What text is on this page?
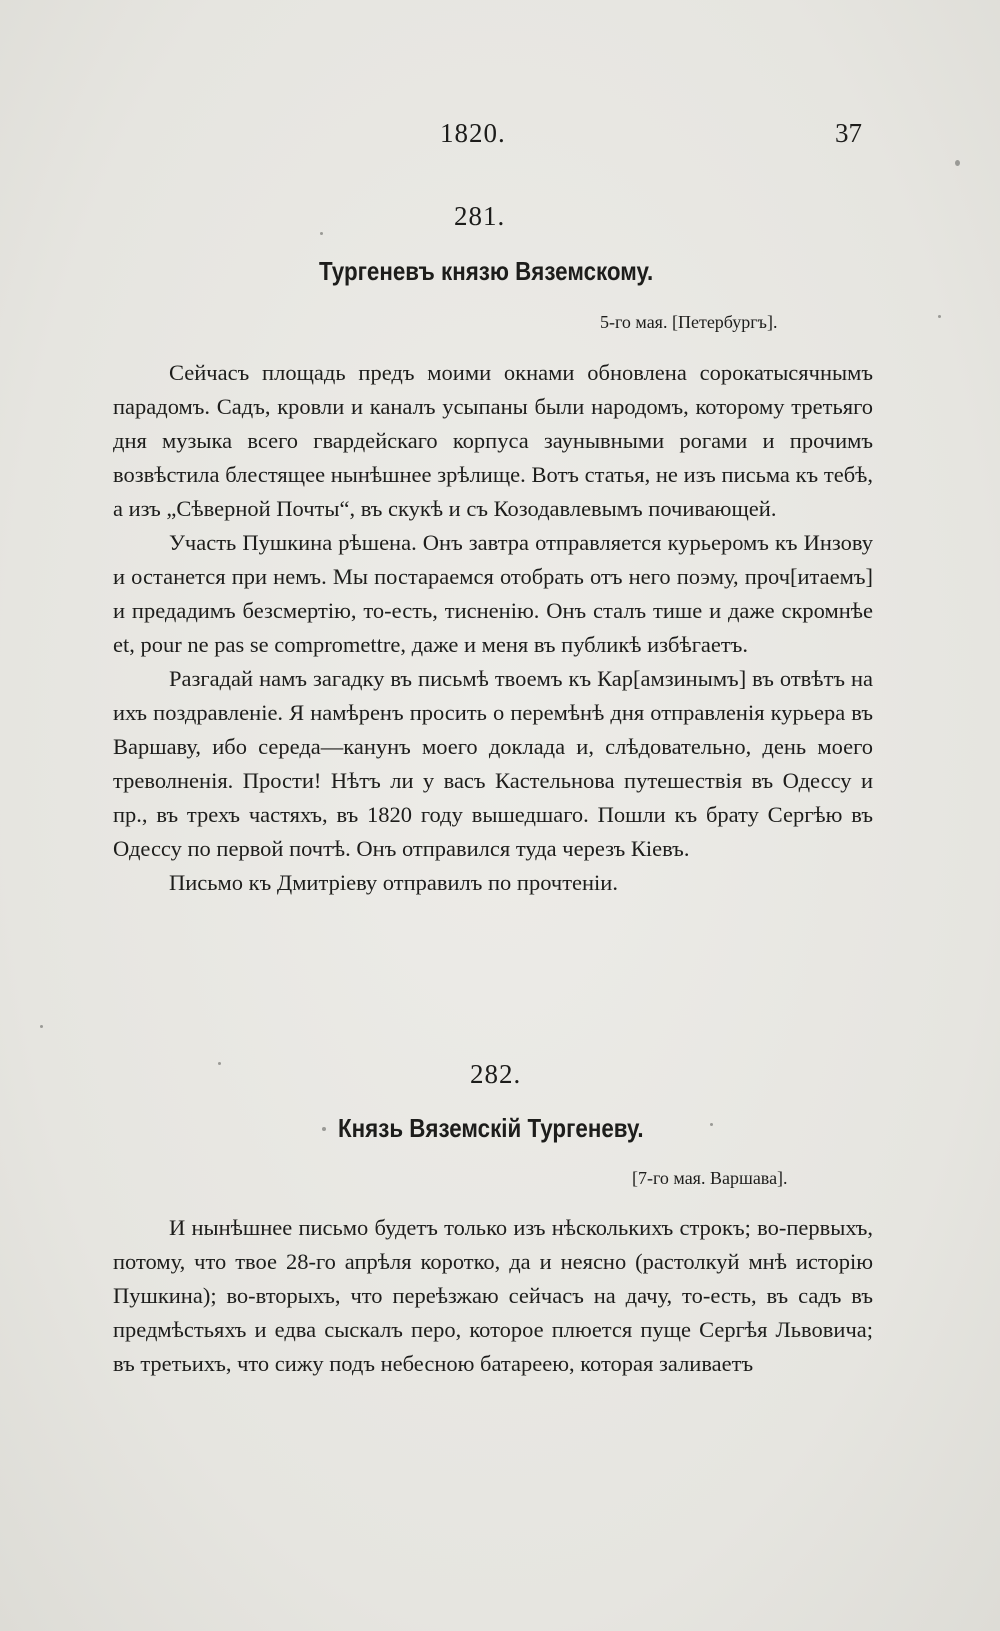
1820.	37
281.
Тургеневъ князю Вяземскому.
5-го мая. [Петербургъ].

Сейчасъ площадь предъ моими окнами обновлена сорокатысячнымъ парадомъ. Садъ, кровли и каналъ усыпаны были народомъ, которому третьяго дня музыка всего гвардейскаго корпуса заунывными рогами и прочимъ возвѣстила блестящее нынѣшнее зрѣлище. Вотъ статья, не изъ письма къ тебѣ, а изъ „Сѣверной Почты“, въ скукѣ и съ Козодавлевымъ почивающей.

Участь Пушкина рѣшена. Онъ завтра отправляется курьеромъ къ Инзову и останется при немъ. Мы постараемся отобрать отъ него поэму, проч[итаемъ] и предадимъ безсмертію, то-есть, тисненію. Онъ сталъ тише и даже скромнѣе et, pour ne pas se compromettre, даже и меня въ публикѣ избѣгаетъ.

Разгадай намъ загадку въ письмѣ твоемъ къ Кар[амзинымъ] въ отвѣтъ на ихъ поздравленіе. Я намѣренъ просить о перемѣнѣ дня отправленія курьера въ Варшаву, ибо середа—канунъ моего доклада и, слѣдовательно, день моего треволненія. Прости! Нѣтъ ли у васъ Кастельнова путешествія въ Одессу и пр., въ трехъ частяхъ, въ 1820 году вышедшаго. Пошли къ брату Сергѣю въ Одессу по первой почтѣ. Онъ отправился туда черезъ Кіевъ.

Письмо къ Дмитріеву отправилъ по прочтеніи.

282.
Князь Вяземскій Тургеневу.
[7-го мая. Варшава].

И нынѣшнее письмо будетъ только изъ нѣсколькихъ строкъ; во-первыхъ, потому, что твое 28-го апрѣля коротко, да и неясно (растолкуй мнѣ исторію Пушкина); во-вторыхъ, что переѣзжаю сейчасъ на дачу, то-есть, въ садъ въ предмѣстьяхъ и едва сыскалъ перо, которое плюется пуще Сергѣя Львовича; въ третьихъ, что сижу подъ небесною батареею, которая заливаетъ
